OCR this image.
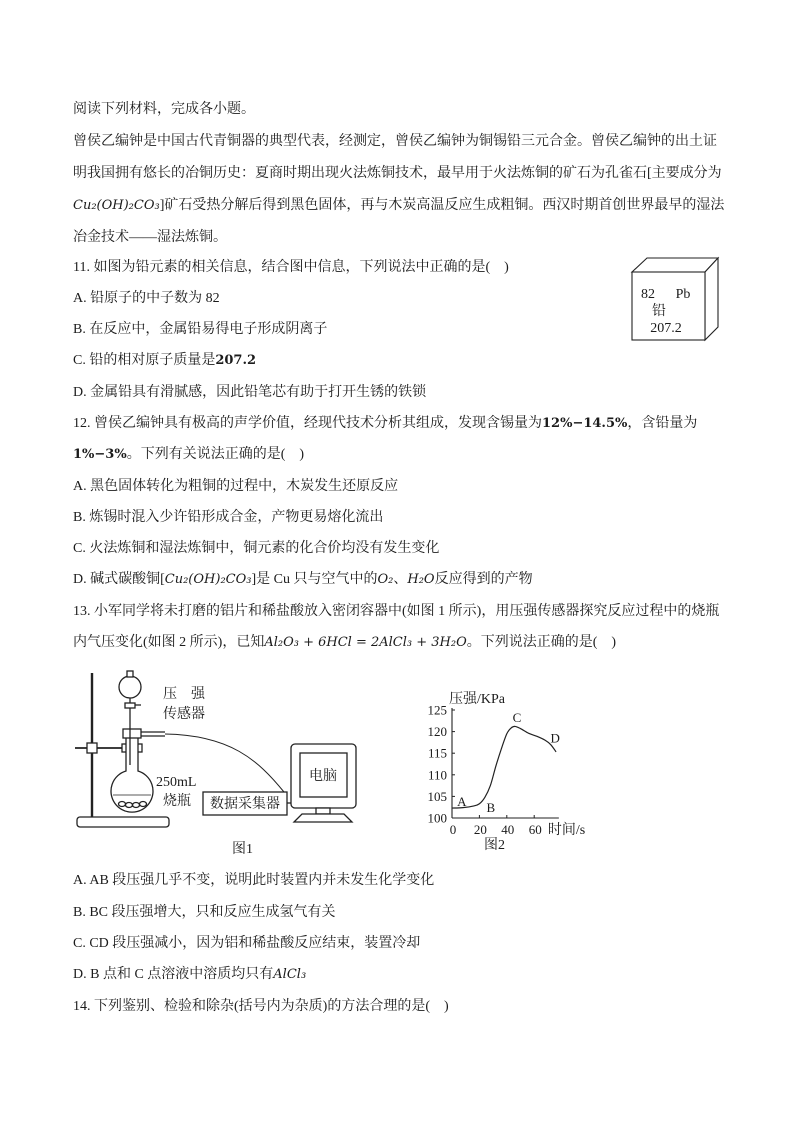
阅读下列材料，完成各小题。
曾侯乙编钟是中国古代青铜器的典型代表，经测定，曾侯乙编钟为铜锡铅三元合金。曾侯乙编钟的出土证
明我国拥有悠长的冶铜历史：夏商时期出现火法炼铜技术，最早用于火法炼铜的矿石为孔雀石[主要成分为
Cu₂(OH)₂CO₃]矿石受热分解后得到黑色固体，再与木炭高温反应生成粗铜。西汉时期首创世界最早的湿法
冶金技术——湿法炼铜。
11. 如图为铅元素的相关信息，结合图中信息，下列说法中正确的是(　)
A. 铅原子的中子数为 82
B. 在反应中，金属铅易得电子形成阴离子
C. 铅的相对原子质量是207.2
D. 金属铅具有滑腻感，因此铅笔芯有助于打开生锈的铁锁
82 Pb
铅
207.2
12. 曾侯乙编钟具有极高的声学价值，经现代技术分析其组成，发现含锡量为12%−14.5%，含铅量为
1%−3%。下列有关说法正确的是(　)
A. 黑色固体转化为粗铜的过程中，木炭发生还原反应
B. 炼锡时混入少许铅形成合金，产物更易熔化流出
C. 火法炼铜和湿法炼铜中，铜元素的化合价均没有发生变化
D. 碱式碳酸铜[Cu₂(OH)₂CO₃]是 Cu 只与空气中的O₂、H₂O反应得到的产物
13. 小军同学将未打磨的铝片和稀盐酸放入密闭容器中(如图 1 所示)，用压强传感器探究反应过程中的烧瓶
内气压变化(如图 2 所示)，已知Al₂O₃ + 6HCl = 2AlCl₃ + 3H₂O。下列说法正确的是(　)
压　强
传感器
250mL
烧瓶 数据采集器
电脑
图1
100
105
110
115
120
125
0 20 40 60
压强/KPa
时间/s
A B
C
D
图2
A. AB 段压强几乎不变，说明此时装置内并未发生化学变化
B. BC 段压强增大，只和反应生成氢气有关
C. CD 段压强减小，因为铝和稀盐酸反应结束，装置冷却
D. B 点和 C 点溶液中溶质均只有AlCl₃
14. 下列鉴别、检验和除杂(括号内为杂质)的方法合理的是(　)
